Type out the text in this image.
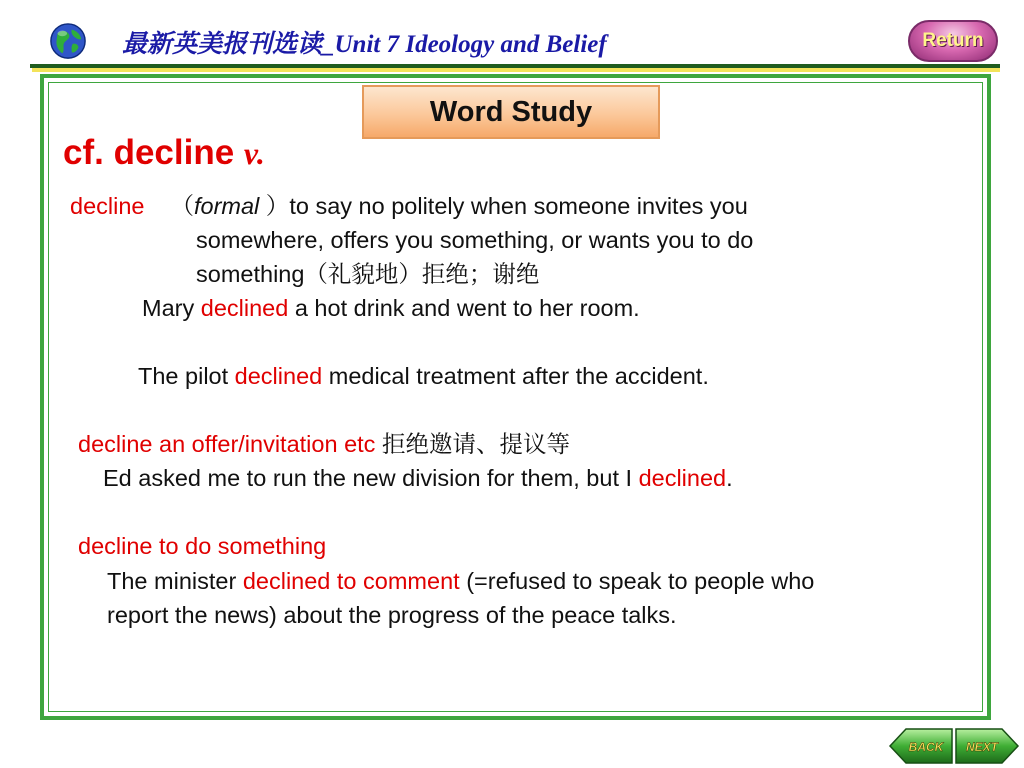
最新英美报刊选读_Unit 7 Ideology and Belief	Return
Word Study
cf. decline v.
decline （formal ）to say no politely when someone invites you
somewhere, offers you something, or wants you to do
something（礼貌地）拒绝；谢绝
Mary declined a hot drink and went to her room.
The pilot declined medical treatment after the accident.
decline an offer/invitation etc 拒绝邀请、提议等
Ed asked me to run the new division for them, but I declined.
decline to do something
The minister declined to comment (=refused to speak to people who
report the news) about the progress of the peace talks.
BACK NEXT
